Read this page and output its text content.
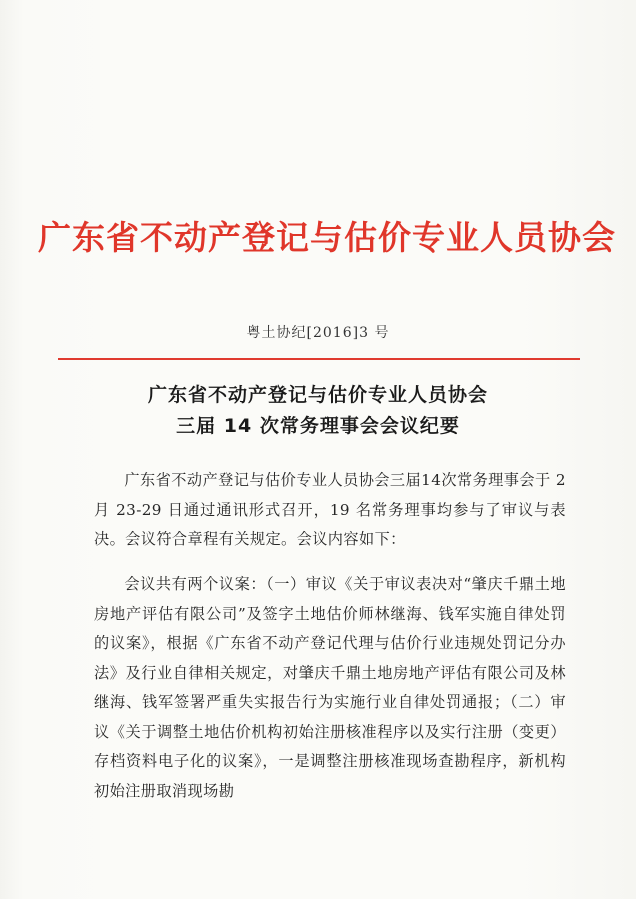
广东省不动产登记与估价专业人员协会
粤土协纪[2016]3 号
广东省不动产登记与估价专业人员协会
三届 14 次常务理事会会议纪要
广东省不动产登记与估价专业人员协会三届14次常务理事会于 2 月 23-29 日通过通讯形式召开，19 名常务理事均参与了审议与表决。会议符合章程有关规定。会议内容如下：
会议共有两个议案：（一）审议《关于审议表决对“肇庆千鼎土地房地产评估有限公司”及签字土地估价师林继海、钱军实施自律处罚的议案》，根据《广东省不动产登记代理与估价行业违规处罚记分办法》及行业自律相关规定，对肇庆千鼎土地房地产评估有限公司及林继海、钱军签署严重失实报告行为实施行业自律处罚通报；（二）审议《关于调整土地估价机构初始注册核准程序以及实行注册（变更）存档资料电子化的议案》，一是调整注册核准现场查勘程序，新机构初始注册取消现场勘
